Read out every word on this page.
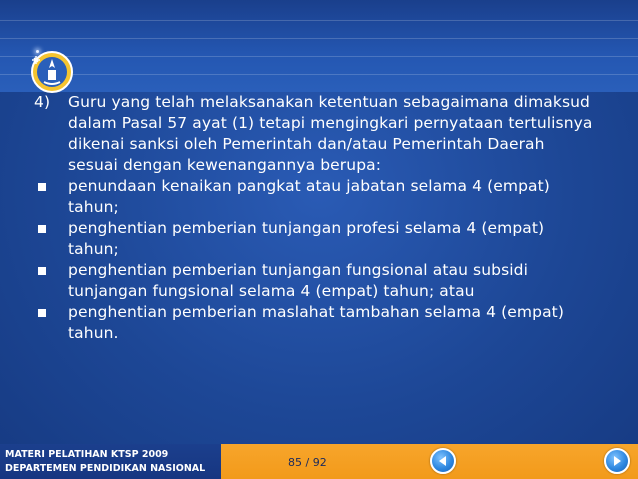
4)	Guru yang telah melaksanakan ketentuan sebagaimana dimaksud
dalam Pasal 57 ayat (1) tetapi mengingkari pernyataan tertulisnya
dikenai sanksi oleh Pemerintah dan/atau Pemerintah Daerah
sesuai dengan kewenangannya berupa:
penundaan kenaikan pangkat atau jabatan selama 4 (empat)
tahun;
penghentian pemberian tunjangan profesi selama 4 (empat)
tahun;
penghentian pemberian tunjangan fungsional atau subsidi
tunjangan fungsional selama 4 (empat) tahun; atau
penghentian pemberian maslahat tambahan selama 4 (empat)
tahun.
MATERI PELATIHAN KTSP 2009
DEPARTEMEN PENDIDIKAN NASIONAL	85 / 92
